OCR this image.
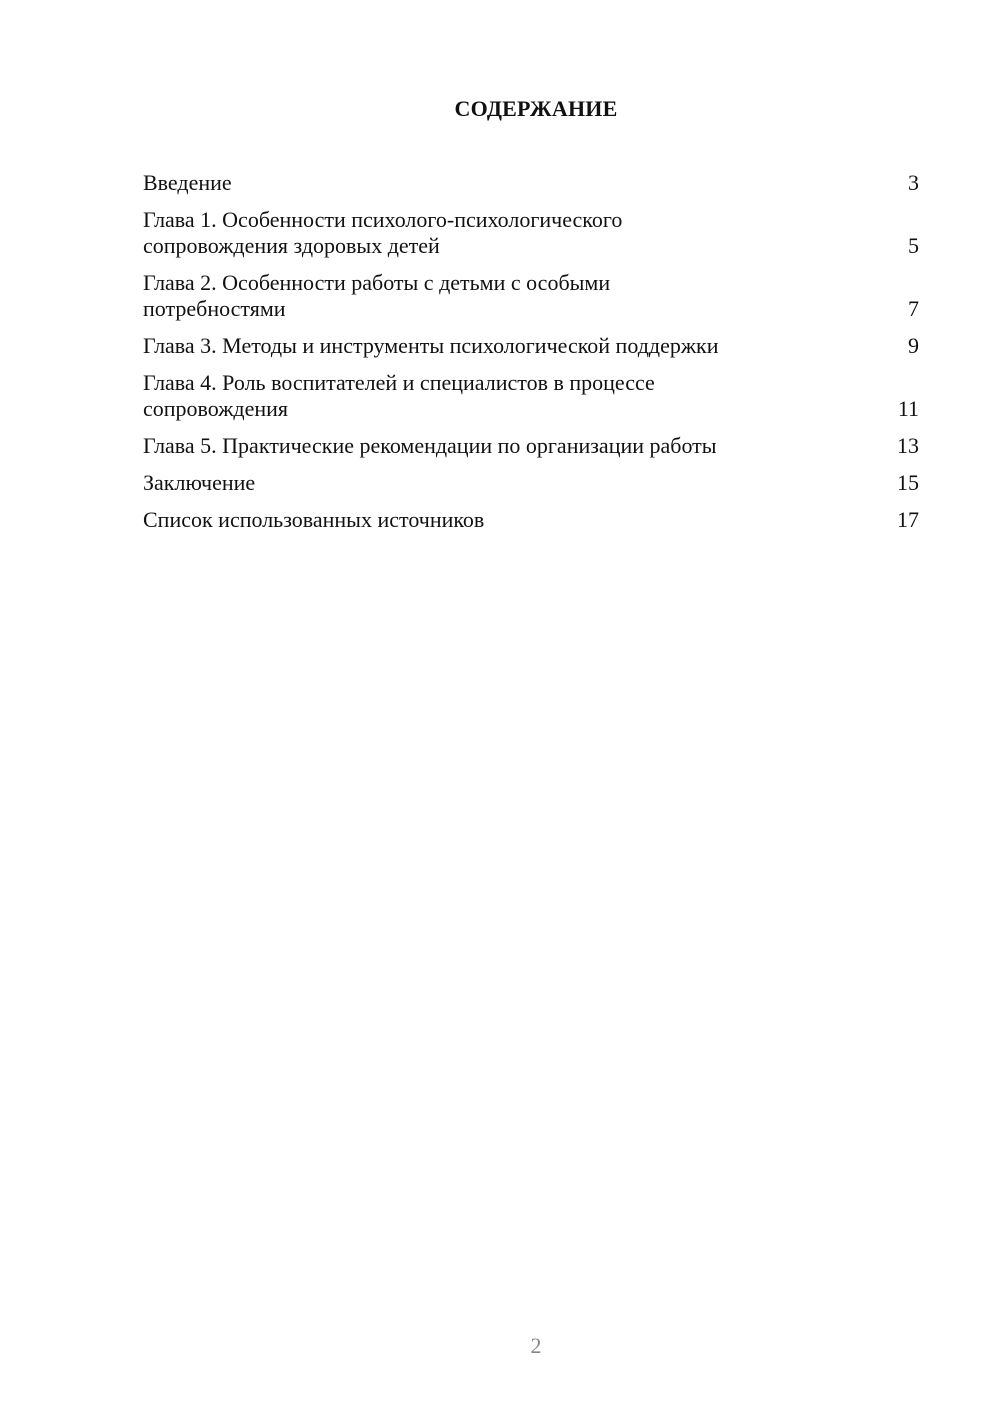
СОДЕРЖАНИЕ
Введение	3
Глава 1. Особенности психолого-психологического
сопровождения здоровых детей	5
Глава 2. Особенности работы с детьми с особыми
потребностями	7
Глава 3. Методы и инструменты психологической поддержки	9
Глава 4. Роль воспитателей и специалистов в процессе
сопровождения	11
Глава 5. Практические рекомендации по организации работы	13
Заключение	15
Список использованных источников	17
2
